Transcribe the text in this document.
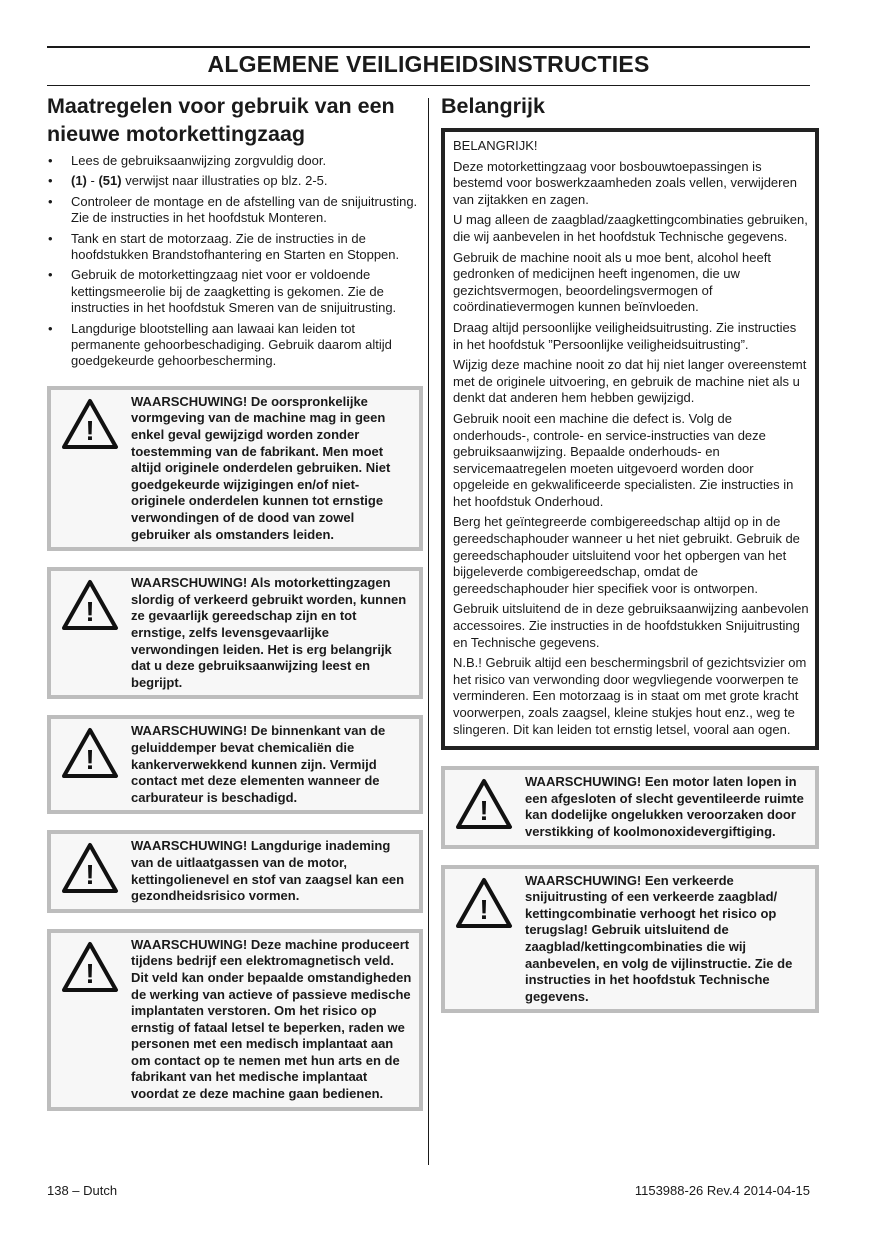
ALGEMENE VEILIGHEIDSINSTRUCTIES
Maatregelen voor gebruik van een nieuwe motorkettingzaag
• Lees de gebruiksaanwijzing zorgvuldig door.
• (1) - (51) verwijst naar illustraties op blz. 2-5.
• Controleer de montage en de afstelling van de snijuitrusting. Zie de instructies in het hoofdstuk Monteren.
• Tank en start de motorzaag. Zie de instructies in de hoofdstukken Brandstofhantering en Starten en Stoppen.
• Gebruik de motorkettingzaag niet voor er voldoende kettingsmeerolie bij de zaagketting is gekomen. Zie de instructies in het hoofdstuk Smeren van de snijuitrusting.
• Langdurige blootstelling aan lawaai kan leiden tot permanente gehoorbeschadiging. Gebruik daarom altijd goedgekeurde gehoorbescherming.
!
WAARSCHUWING! De oorspronkelijke vormgeving van de machine mag in geen enkel geval gewijzigd worden zonder toestemming van de fabrikant. Men moet altijd originele onderdelen gebruiken. Niet goedgekeurde wijzigingen en/of niet-originele onderdelen kunnen tot ernstige verwondingen of de dood van zowel gebruiker als omstanders leiden.
!
WAARSCHUWING! Als motorkettingzagen slordig of verkeerd gebruikt worden, kunnen ze gevaarlijk gereedschap zijn en tot ernstige, zelfs levensgevaarlijke verwondingen leiden. Het is erg belangrijk dat u deze gebruiksaanwijzing leest en begrijpt.
!
WAARSCHUWING! De binnenkant van de geluiddemper bevat chemicaliën die kankerverwekkend kunnen zijn. Vermijd contact met deze elementen wanneer de carburateur is beschadigd.
!
WAARSCHUWING! Langdurige inademing van de uitlaatgassen van de motor, kettingolienevel en stof van zaagsel kan een gezondheidsrisico vormen.
!
WAARSCHUWING! Deze machine produceert tijdens bedrijf een elektromagnetisch veld. Dit veld kan onder bepaalde omstandigheden de werking van actieve of passieve medische implantaten verstoren. Om het risico op ernstig of fataal letsel te beperken, raden we personen met een medisch implantaat aan om contact op te nemen met hun arts en de fabrikant van het medische implantaat voordat ze deze machine gaan bedienen.
Belangrijk

BELANGRIJK!

Deze motorkettingzaag voor bosbouwtoepassingen is bestemd voor boswerkzaamheden zoals vellen, verwijderen van zijtakken en zagen.

U mag alleen de zaagblad/zaagkettingcombinaties gebruiken, die wij aanbevelen in het hoofdstuk Technische gegevens.

Gebruik de machine nooit als u moe bent, alcohol heeft gedronken of medicijnen heeft ingenomen, die uw gezichtsvermogen, beoordelingsvermogen of coördinatievermogen kunnen beïnvloeden.

Draag altijd persoonlijke veiligheidsuitrusting. Zie instructies in het hoofdstuk ”Persoonlijke veiligheidsuitrusting”.

Wijzig deze machine nooit zo dat hij niet langer overeenstemt met de originele uitvoering, en gebruik de machine niet als u denkt dat anderen hem hebben gewijzigd.

Gebruik nooit een machine die defect is. Volg de onderhouds-, controle- en service-instructies van deze gebruiksaanwijzing. Bepaalde onderhouds- en servicemaatregelen moeten uitgevoerd worden door opgeleide en gekwalificeerde specialisten. Zie instructies in het hoofdstuk Onderhoud.

Berg het geïntegreerde combigereedschap altijd op in de gereedschaphouder wanneer u het niet gebruikt. Gebruik de gereedschaphouder uitsluitend voor het opbergen van het bijgeleverde combigereedschap, omdat de gereedschaphouder hier specifiek voor is ontworpen.

Gebruik uitsluitend de in deze gebruiksaanwijzing aanbevolen accessoires. Zie instructies in de hoofdstukken Snijuitrusting en Technische gegevens.

N.B.! Gebruik altijd een beschermingsbril of gezichtsvizier om het risico van verwonding door wegvliegende voorwerpen te verminderen. Een motorzaag is in staat om met grote kracht voorwerpen, zoals zaagsel, kleine stukjes hout enz., weg te slingeren. Dit kan leiden tot ernstig letsel, vooral aan ogen.

!
WAARSCHUWING! Een motor laten lopen in een afgesloten of slecht geventileerde ruimte kan dodelijke ongelukken veroorzaken door verstikking of koolmonoxidevergiftiging.
!
WAARSCHUWING! Een verkeerde snijuitrusting of een verkeerde zaagblad/ kettingcombinatie verhoogt het risico op terugslag! Gebruik uitsluitend de zaagblad/kettingcombinaties die wij aanbevelen, en volg de vijlinstructie. Zie de instructies in het hoofdstuk Technische gegevens.
138 – Dutch	1153988-26 Rev.4 2014-04-15
